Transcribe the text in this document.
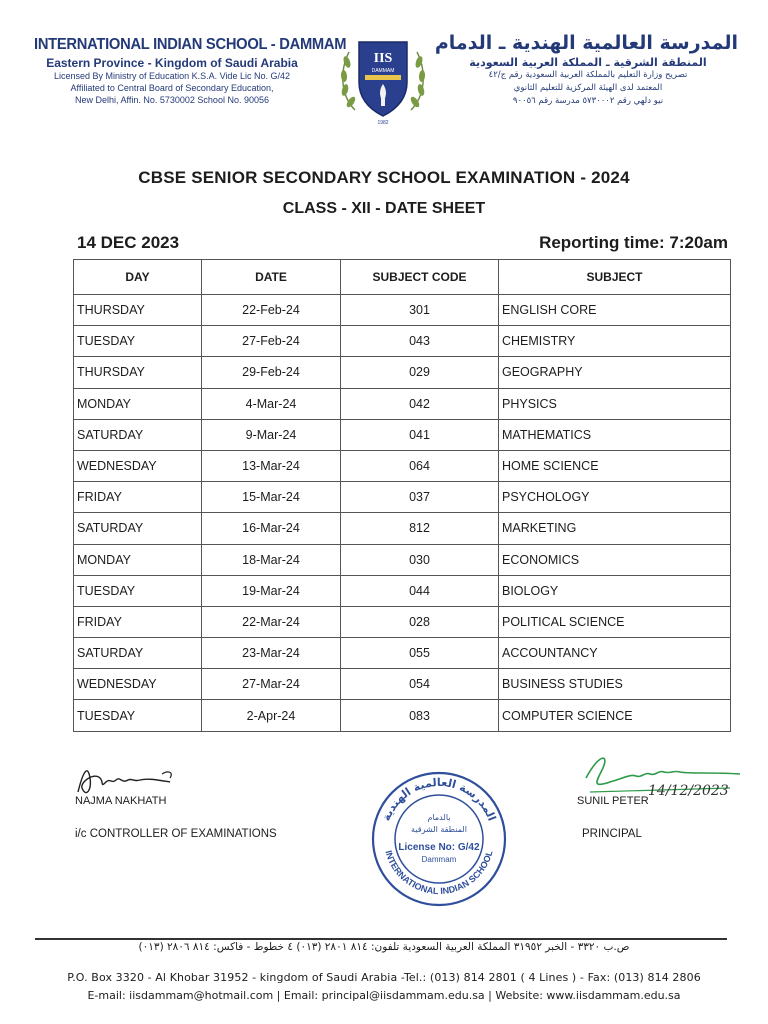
INTERNATIONAL INDIAN SCHOOL - DAMMAM
Eastern Province - Kingdom of Saudi Arabia
Licensed By Ministry of Education K.S.A. Vide Lic No. G/42
Affiliated to Central Board of Secondary Education,
New Delhi, Affin. No. 5730002 School No. 90056
IIS
DAMMAM
1982
المدرسة العالمية الهندية ـ الدمام
المنطقة الشرقية ـ المملكة العربية السعودية
تصريح وزارة التعليم بالمملكة العربية السعودية رقم ج/٤٢
المعتمد لدى الهيئة المركزية للتعليم الثانوي
نيو دلهي رقم ٥٧٣٠٠٠٢ مدرسة رقم ٩٠٠٥٦
CBSE SENIOR SECONDARY SCHOOL EXAMINATION - 2024
CLASS - XII - DATE SHEET
14 DEC 2023	Reporting time: 7:20am
DAY	DATE	SUBJECT CODE	SUBJECT
THURSDAY	22-Feb-24	301	ENGLISH CORE
TUESDAY	27-Feb-24	043	CHEMISTRY
THURSDAY	29-Feb-24	029	GEOGRAPHY
MONDAY	4-Mar-24	042	PHYSICS
SATURDAY	9-Mar-24	041	MATHEMATICS
WEDNESDAY	13-Mar-24	064	HOME SCIENCE
FRIDAY	15-Mar-24	037	PSYCHOLOGY
SATURDAY	16-Mar-24	812	MARKETING
MONDAY	18-Mar-24	030	ECONOMICS
TUESDAY	19-Mar-24	044	BIOLOGY
FRIDAY	22-Mar-24	028	POLITICAL SCIENCE
SATURDAY	23-Mar-24	055	ACCOUNTANCY
WEDNESDAY	27-Mar-24	054	BUSINESS STUDIES
TUESDAY	2-Apr-24	083	COMPUTER SCIENCE
NAJMA NAKHATH
i/c CONTROLLER OF EXAMINATIONS
المدرسة العالمية الهندية
INTERNATIONAL INDIAN SCHOOL
بالدمام
المنطقة الشرقية
License No: G/42
Dammam
SUNIL PETER
14/12/2023
PRINCIPAL
ص.ب ٣٣٢٠ - الخبر ٣١٩٥٢ المملكة العربية السعودية تلفون: ٨١٤ ٢٨٠١ (٠١٣) ٤ خطوط - فاكس: ٨١٤ ٢٨٠٦ (٠١٣)
P.O. Box 3320 - Al Khobar 31952 - kingdom of Saudi Arabia -Tel.: (013) 814 2801 ( 4 Lines ) - Fax: (013) 814 2806
E-mail: iisdammam@hotmail.com | Email: principal@iisdammam.edu.sa | Website: www.iisdammam.edu.sa
